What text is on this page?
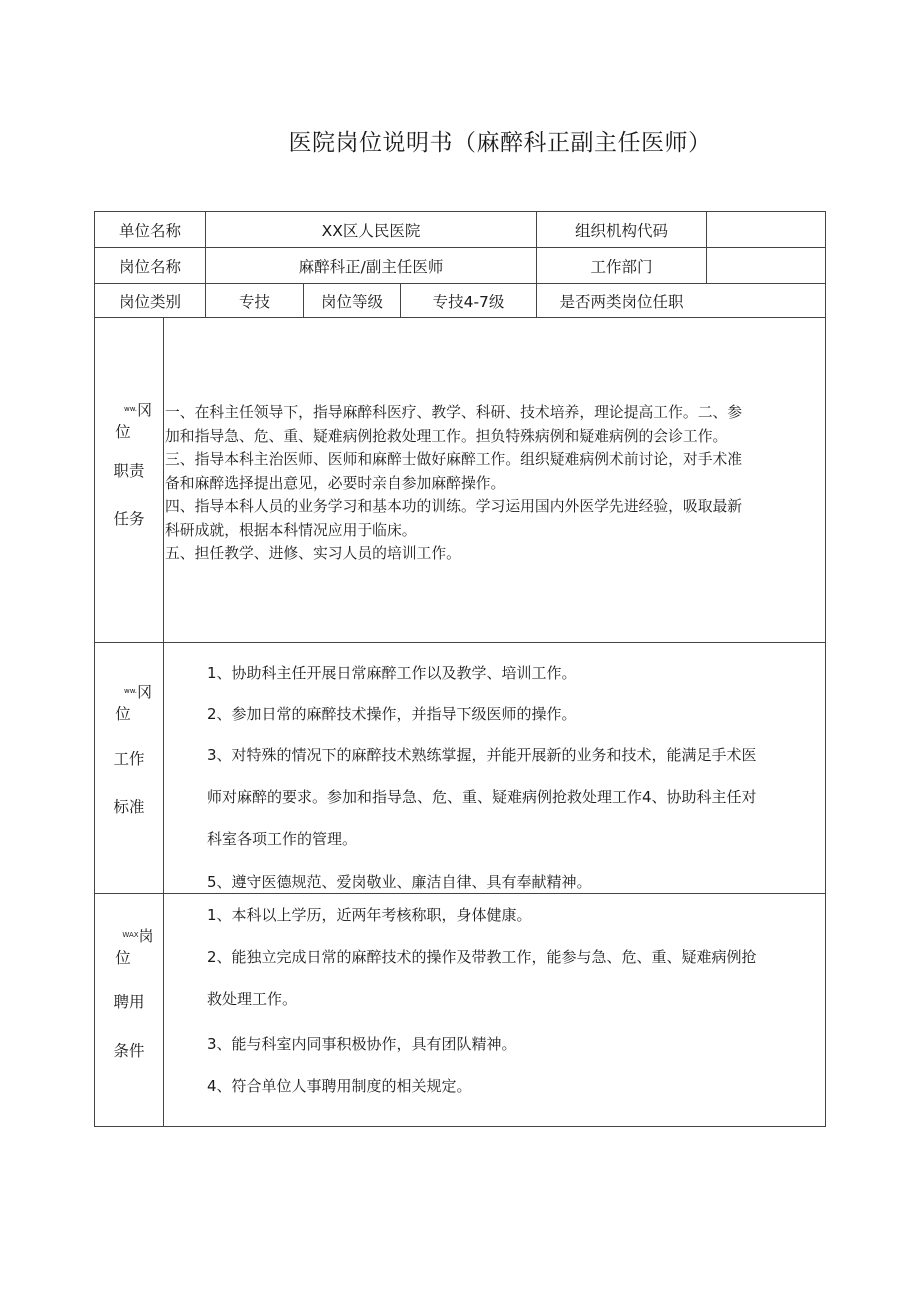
医院岗位说明书（麻醉科正副主任医师）
单位名称	XX区人民医院	组织机构代码
岗位名称	麻醉科正/副主任医师	工作部门
岗位类别	专技	岗位等级	专技4-7级	是否两类岗位任职
$^{ww.}$冈
位
职责
任务

一、在科主任领导下，指导麻醉科医疗、教学、科研、技术培养，理论提高工作。二、参

加和指导急、危、重、疑难病例抢救处理工作。担负特殊病例和疑难病例的会诊工作。

三、指导本科主治医师、医师和麻醉士做好麻醉工作。组织疑难病例术前讨论，对手术准

备和麻醉选择提出意见，必要时亲自参加麻醉操作。

四、指导本科人员的业务学习和基本功的训练。学习运用国内外医学先进经验，吸取最新

科研成就，根据本科情况应用于临床。

五、担任教学、进修、实习人员的培训工作。

$^{ww.}$冈
位
工作
标准

1、协助科主任开展日常麻醉工作以及教学、培训工作。

2、参加日常的麻醉技术操作，并指导下级医师的操作。

3、对特殊的情况下的麻醉技术熟练掌握，并能开展新的业务和技术，能满足手术医

师对麻醉的要求。参加和指导急、危、重、疑难病例抢救处理工作4、协助科主任对

科室各项工作的管理。

5、遵守医德规范、爱岗敬业、廉洁自律、具有奉献精神。

$^{WAX}$岗
位
聘用
条件

1、本科以上学历，近两年考核称职，身体健康。

2、能独立完成日常的麻醉技术的操作及带教工作，能参与急、危、重、疑难病例抢

救处理工作。

3、能与科室内同事积极协作，具有团队精神。

4、符合单位人事聘用制度的相关规定。
